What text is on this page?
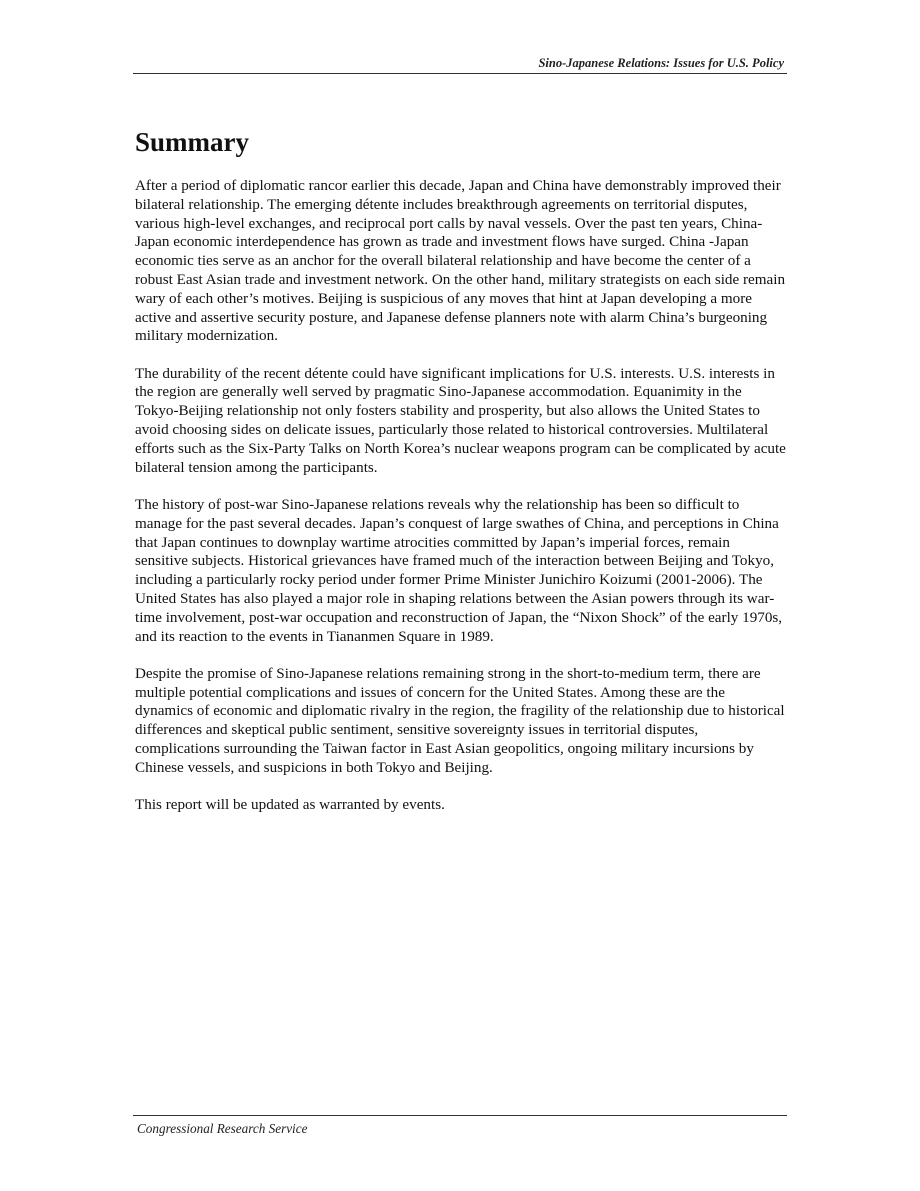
Sino-Japanese Relations: Issues for U.S. Policy
Summary

After a period of diplomatic rancor earlier this decade, Japan and China have demonstrably improved their bilateral relationship. The emerging détente includes breakthrough agreements on territorial disputes, various high-level exchanges, and reciprocal port calls by naval vessels. Over the past ten years, China-Japan economic interdependence has grown as trade and investment flows have surged. China -Japan economic ties serve as an anchor for the overall bilateral relationship and have become the center of a robust East Asian trade and investment network. On the other hand, military strategists on each side remain wary of each other’s motives. Beijing is suspicious of any moves that hint at Japan developing a more active and assertive security posture, and Japanese defense planners note with alarm China’s burgeoning military modernization.

The durability of the recent détente could have significant implications for U.S. interests. U.S. interests in the region are generally well served by pragmatic Sino-Japanese accommodation. Equanimity in the Tokyo-Beijing relationship not only fosters stability and prosperity, but also allows the United States to avoid choosing sides on delicate issues, particularly those related to historical controversies. Multilateral efforts such as the Six-Party Talks on North Korea’s nuclear weapons program can be complicated by acute bilateral tension among the participants.

The history of post-war Sino-Japanese relations reveals why the relationship has been so difficult to manage for the past several decades. Japan’s conquest of large swathes of China, and perceptions in China that Japan continues to downplay wartime atrocities committed by Japan’s imperial forces, remain sensitive subjects. Historical grievances have framed much of the interaction between Beijing and Tokyo, including a particularly rocky period under former Prime Minister Junichiro Koizumi (2001-2006). The United States has also played a major role in shaping relations between the Asian powers through its war-time involvement, post-war occupation and reconstruction of Japan, the “Nixon Shock” of the early 1970s, and its reaction to the events in Tiananmen Square in 1989.

Despite the promise of Sino-Japanese relations remaining strong in the short-to-medium term, there are multiple potential complications and issues of concern for the United States. Among these are the dynamics of economic and diplomatic rivalry in the region, the fragility of the relationship due to historical differences and skeptical public sentiment, sensitive sovereignty issues in territorial disputes, complications surrounding the Taiwan factor in East Asian geopolitics, ongoing military incursions by Chinese vessels, and suspicions in both Tokyo and Beijing.

This report will be updated as warranted by events.

Congressional Research Service
